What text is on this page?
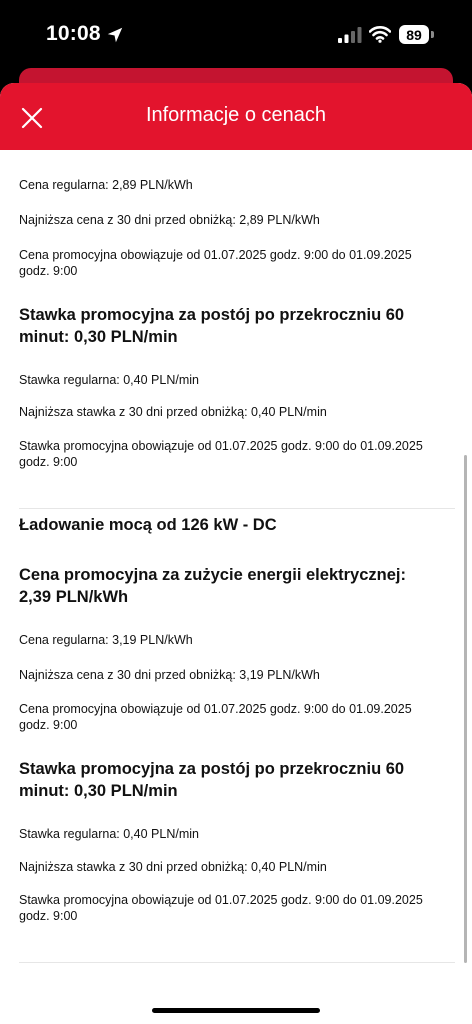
10:08	89
Informacje o cenach
Cena regularna: 2,89 PLN/kWh
Najniższa cena z 30 dni przed obniżką: 2,89 PLN/kWh
Cena promocyjna obowiązuje od 01.07.2025 godz. 9:00 do 01.09.2025 godz. 9:00
Stawka promocyjna za postój po przekroczniu 60 minut: 0,30 PLN/min
Stawka regularna: 0,40 PLN/min
Najniższa stawka z 30 dni przed obniżką: 0,40 PLN/min
Stawka promocyjna obowiązuje od 01.07.2025 godz. 9:00 do 01.09.2025 godz. 9:00
Ładowanie mocą od 126 kW - DC
Cena promocyjna za zużycie energii elektrycznej: 2,39 PLN/kWh
Cena regularna: 3,19 PLN/kWh
Najniższa cena z 30 dni przed obniżką: 3,19 PLN/kWh
Cena promocyjna obowiązuje od 01.07.2025 godz. 9:00 do 01.09.2025 godz. 9:00
Stawka promocyjna za postój po przekroczniu 60 minut: 0,30 PLN/min
Stawka regularna: 0,40 PLN/min
Najniższa stawka z 30 dni przed obniżką: 0,40 PLN/min
Stawka promocyjna obowiązuje od 01.07.2025 godz. 9:00 do 01.09.2025 godz. 9:00
